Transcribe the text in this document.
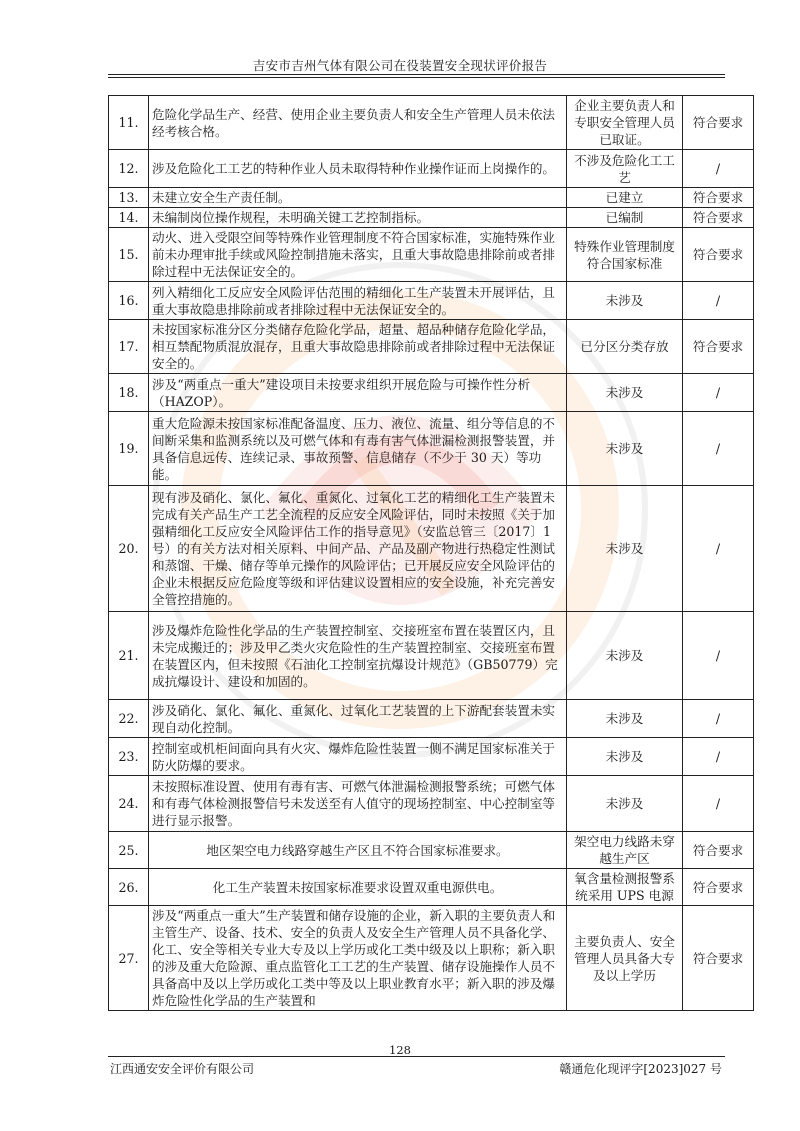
吉安市吉州气体有限公司在役装置安全现状评价报告
11.	危险化学品生产、经营、使用企业主要负责人和安全生产管理人员未依法经考核合格。	企业主要负责人和专职安全管理人员已取证。	符合要求
12.	涉及危险化工工艺的特种作业人员未取得特种作业操作证而上岗操作的。	不涉及危险化工工艺	/
13.	未建立安全生产责任制。	已建立	符合要求
14.	未编制岗位操作规程，未明确关键工艺控制指标。	已编制	符合要求
15.	动火、进入受限空间等特殊作业管理制度不符合国家标准，实施特殊作业前未办理审批手续或风险控制措施未落实，且重大事故隐患排除前或者排除过程中无法保证安全的。	特殊作业管理制度符合国家标准	符合要求
16.	列入精细化工反应安全风险评估范围的精细化工生产装置未开展评估，且重大事故隐患排除前或者排除过程中无法保证安全的。	未涉及	/
17.	未按国家标准分区分类储存危险化学品，超量、超品种储存危险化学品，相互禁配物质混放混存，且重大事故隐患排除前或者排除过程中无法保证安全的。	已分区分类存放	符合要求
18.	涉及“两重点一重大”建设项目未按要求组织开展危险与可操作性分析（HAZOP）。	未涉及	/
19.	重大危险源未按国家标准配备温度、压力、液位、流量、组分等信息的不间断采集和监测系统以及可燃气体和有毒有害气体泄漏检测报警装置，并具备信息远传、连续记录、事故预警、信息储存（不少于 30 天）等功能。	未涉及	/
20.	现有涉及硝化、氯化、氟化、重氮化、过氧化工艺的精细化工生产装置未完成有关产品生产工艺全流程的反应安全风险评估，同时未按照《关于加强精细化工反应安全风险评估工作的指导意见》（安监总管三〔2017〕1 号）的有关方法对相关原料、中间产品、产品及副产物进行热稳定性测试和蒸馏、干燥、储存等单元操作的风险评估；已开展反应安全风险评估的企业未根据反应危险度等级和评估建议设置相应的安全设施，补充完善安全管控措施的。	未涉及	/
21.	涉及爆炸危险性化学品的生产装置控制室、交接班室布置在装置区内，且未完成搬迁的；涉及甲乙类火灾危险性的生产装置控制室、交接班室布置在装置区内，但未按照《石油化工控制室抗爆设计规范》（GB50779）完成抗爆设计、建设和加固的。	未涉及	/
22.	涉及硝化、氯化、氟化、重氮化、过氧化工艺装置的上下游配套装置未实现自动化控制。	未涉及	/
23.	控制室或机柜间面向具有火灾、爆炸危险性装置一侧不满足国家标准关于防火防爆的要求。	未涉及	/
24.	未按照标准设置、使用有毒有害、可燃气体泄漏检测报警系统；可燃气体和有毒气体检测报警信号未发送至有人值守的现场控制室、中心控制室等进行显示报警。	未涉及	/
25.	地区架空电力线路穿越生产区且不符合国家标准要求。	架空电力线路未穿越生产区	符合要求
26.	化工生产装置未按国家标准要求设置双重电源供电。	氧含量检测报警系统采用 UPS 电源	符合要求
27.	涉及“两重点一重大”生产装置和储存设施的企业，新入职的主要负责人和主管生产、设备、技术、安全的负责人及安全生产管理人员不具备化学、化工、安全等相关专业大专及以上学历或化工类中级及以上职称；新入职的涉及重大危险源、重点监管化工工艺的生产装置、储存设施操作人员不具备高中及以上学历或化工类中等及以上职业教育水平；新入职的涉及爆炸危险性化学品的生产装置和	主要负责人、安全管理人员具备大专及以上学历	符合要求
128
江西通安安全评价有限公司	赣通危化现评字[2023]027 号
